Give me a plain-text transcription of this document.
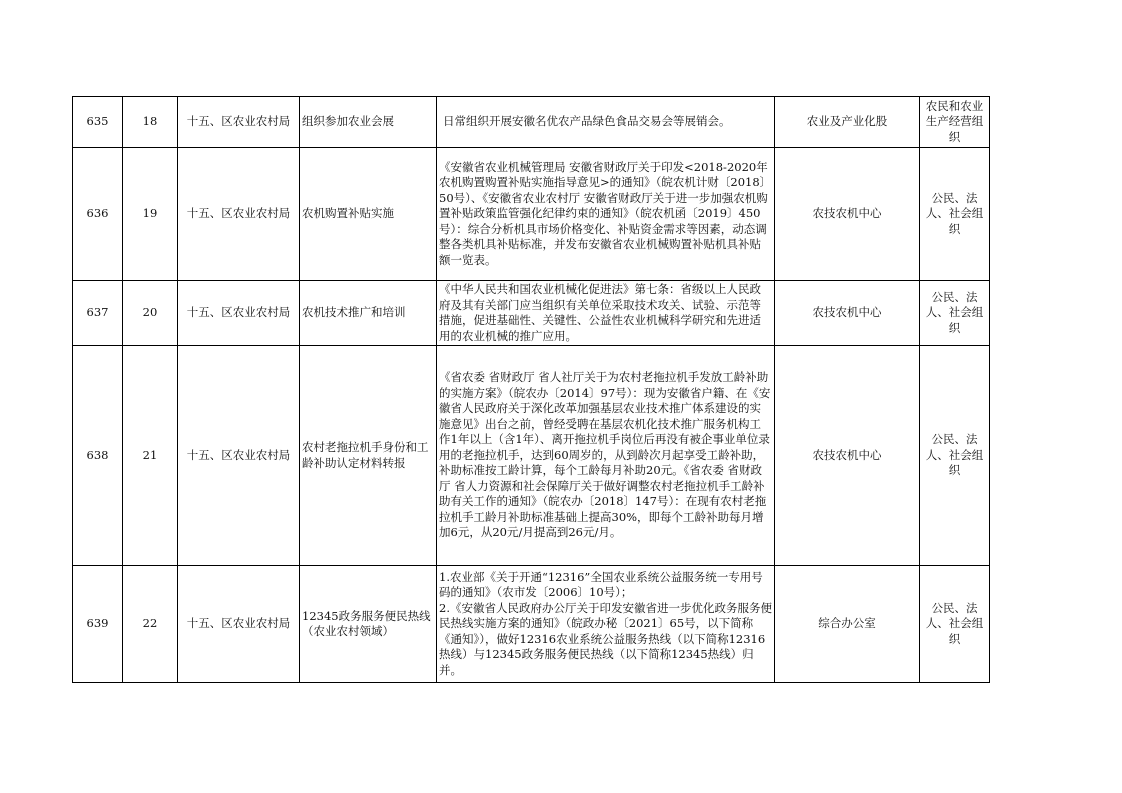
635	18	十五、区农业农村局	组织参加农业会展	日常组织开展安徽名优农产品绿色食品交易会等展销会。	农业及产业化股	农民和农业生产经营组织
636	19	十五、区农业农村局	农机购置补贴实施	《安徽省农业机械管理局 安徽省财政厅关于印发<2018-2020年农机购置购置补贴实施指导意见>的通知》（皖农机计财〔2018〕50号）、《安徽省农业农村厅 安徽省财政厅关于进一步加强农机购置补贴政策监管强化纪律约束的通知》（皖农机函〔2019〕450号）：综合分析机具市场价格变化、补贴资金需求等因素，动态调整各类机具补贴标准，并发布安徽省农业机械购置补贴机具补贴额一览表。	农技农机中心	公民、法人、社会组织
637	20	十五、区农业农村局	农机技术推广和培训	《中华人民共和国农业机械化促进法》第七条：省级以上人民政府及其有关部门应当组织有关单位采取技术攻关、试验、示范等措施，促进基础性、关键性、公益性农业机械科学研究和先进适用的农业机械的推广应用。	农技农机中心	公民、法人、社会组织
638	21	十五、区农业农村局	农村老拖拉机手身份和工龄补助认定材料转报	《省农委 省财政厅 省人社厅关于为农村老拖拉机手发放工龄补助的实施方案》（皖农办〔2014〕97号）：现为安徽省户籍、在《安徽省人民政府关于深化改革加强基层农业技术推广体系建设的实施意见》出台之前，曾经受聘在基层农机化技术推广服务机构工作1年以上（含1年）、离开拖拉机手岗位后再没有被企事业单位录用的老拖拉机手，达到60周岁的，从到龄次月起享受工龄补助，补助标准按工龄计算，每个工龄每月补助20元。《省农委 省财政厅 省人力资源和社会保障厅关于做好调整农村老拖拉机手工龄补助有关工作的通知》（皖农办〔2018〕147号）：在现有农村老拖拉机手工龄月补助标准基础上提高30%，即每个工龄补助每月增加6元，从20元/月提高到26元/月。	农技农机中心	公民、法人、社会组织
639	22	十五、区农业农村局	12345政务服务便民热线（农业农村领域）	1.农业部《关于开通“12316”全国农业系统公益服务统一专用号码的通知》（农市发〔2006〕10号）；
2.《安徽省人民政府办公厅关于印发安徽省进一步优化政务服务便民热线实施方案的通知》（皖政办秘〔2021〕65号，以下简称《通知》），做好12316农业系统公益服务热线（以下简称12316热线）与12345政务服务便民热线（以下简称12345热线）归并。	综合办公室	公民、法人、社会组织
